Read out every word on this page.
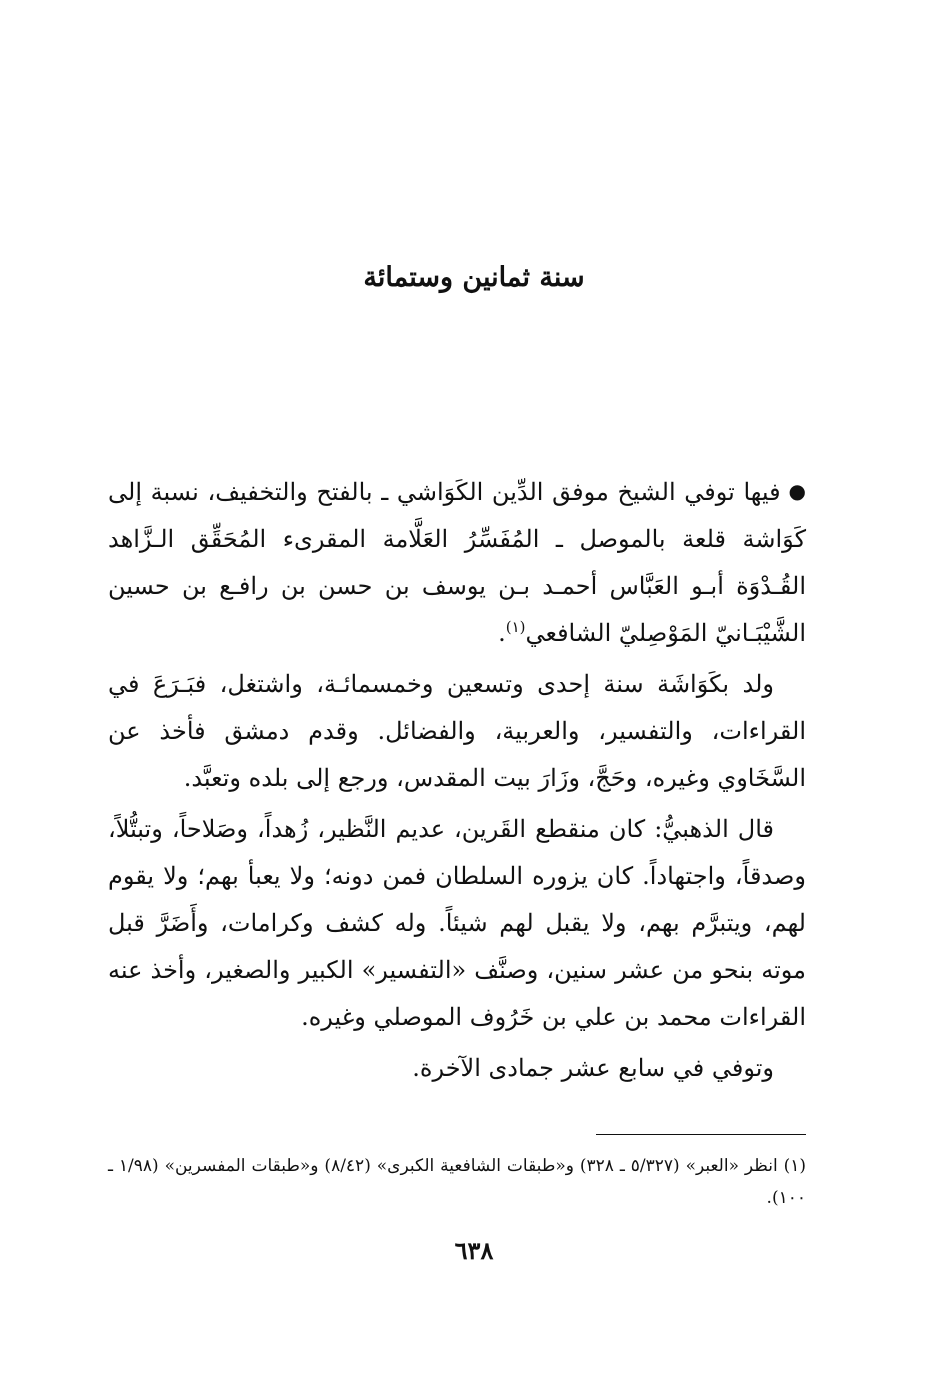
سنة ثمانين وستمائة

●فيها توفي الشيخ موفق الدِّين الكَوَاشي ـ بالفتح والتخفيف، نسبة إلى كَوَاشة قلعة بالموصل ـ المُفَسِّرُ العَلَّامة المقرىء المُحَقِّق الـزَّاهد القُـدْوَة أبـو العَبَّاس أحمـد بـن يوسف بن حسن بن رافـع بن حسين الشَّيْبَـانيّ المَوْصِليّ الشافعي$^{(١)}$.

ولد بكَوَاشَة سنة إحدى وتسعين وخمسمائـة، واشتغل، فبَـرَعَ في القراءات، والتفسير، والعربية، والفضائل. وقدم دمشق فأخذ عن السَّخَاوي وغيره، وحَجَّ، وزَارَ بيت المقدس، ورجع إلى بلده وتعبَّد.

قال الذهبيُّ: كان منقطع القَرين، عديم النَّظير، زُهداً، وصَلاحاً، وتبتُّلاً، وصدقاً، واجتهاداً. كان يزوره السلطان فمن دونه؛ ولا يعبأ بهم؛ ولا يقوم لهم، ويتبرَّم بهم، ولا يقبل لهم شيئاً. وله كشف وكرامات، وأَضَرَّ قبل موته بنحو من عشر سنين، وصنَّف «التفسير» الكبير والصغير، وأخذ عنه القراءات محمد بن علي بن خَرُوف الموصلي وغيره.

وتوفي في سابع عشر جمادى الآخرة.

(١) انظر «العبر» (٥/٣٢٧ ـ ٣٢٨) و«طبقات الشافعية الكبرى» (٨/٤٢) و«طبقات المفسرين» (١/٩٨ ـ ١٠٠).

٦٣٨
